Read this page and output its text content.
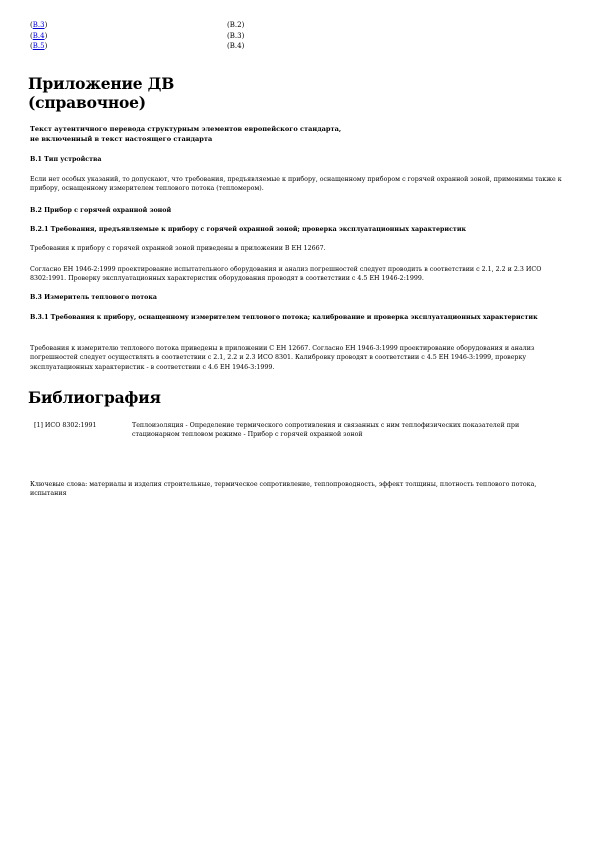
(В.3)	(В.2)
(В.4)	(В.3)
(В.5)	(В.4)
Приложение ДВ
(справочное)
Текст аутентичного перевода структурным элементов европейского стандарта,
не включенный в текст настоящего стандарта

В.1 Тип устройства

Если нет особых указаний, то допускают, что требования, предъявляемые к прибору, оснащенному прибором с горячей охранной зоной, применимы также к прибору, оснащенному измерителем теплового потока (тепломером).

В.2 Прибор с горячей охранной зоной

В.2.1 Требования, предъявляемые к прибору с горячей охранной зоной; проверка эксплуатационных характеристик

Требования к прибору с горячей охранной зоной приведены в приложении В ЕН 12667.

Согласно ЕН 1946-2:1999 проектирование испытательного оборудования и анализ погрешностей следует проводить в соответствии с 2.1, 2.2 и 2.3 ИСО 8302:1991. Проверку эксплуатационных характеристик оборудования проводят в соответствии с 4.5 ЕН 1946-2:1999.

В.3 Измеритель теплового потока

В.3.1 Требования к прибору, оснащенному измерителем теплового потока; калибрование и проверка эксплуатационных характеристик

Требования к измерителю теплового потока приведены в приложении С ЕН 12667. Согласно ЕН 1946-3:1999 проектирование оборудования и анализ погрешностей следует осуществлять в соответствии с 2.1, 2.2 и 2.3 ИСО 8301. Калибровку проводят в соответствии с 4.5 ЕН 1946-3:1999, проверку эксплуатационных характеристик - в соответствии с 4.6 ЕН 1946-3:1999.

Библиография
[1] ИСО 8302:1991	Теплоизоляция - Определение термического сопротивления и связанных с ним теплофизических показателей при стационарном тепловом режиме - Прибор с горячей охранной зоной
Ключевые слова: материалы и изделия строительные, термическое сопротивление, теплопроводность, эффект толщины, плотность теплового потока, испытания
